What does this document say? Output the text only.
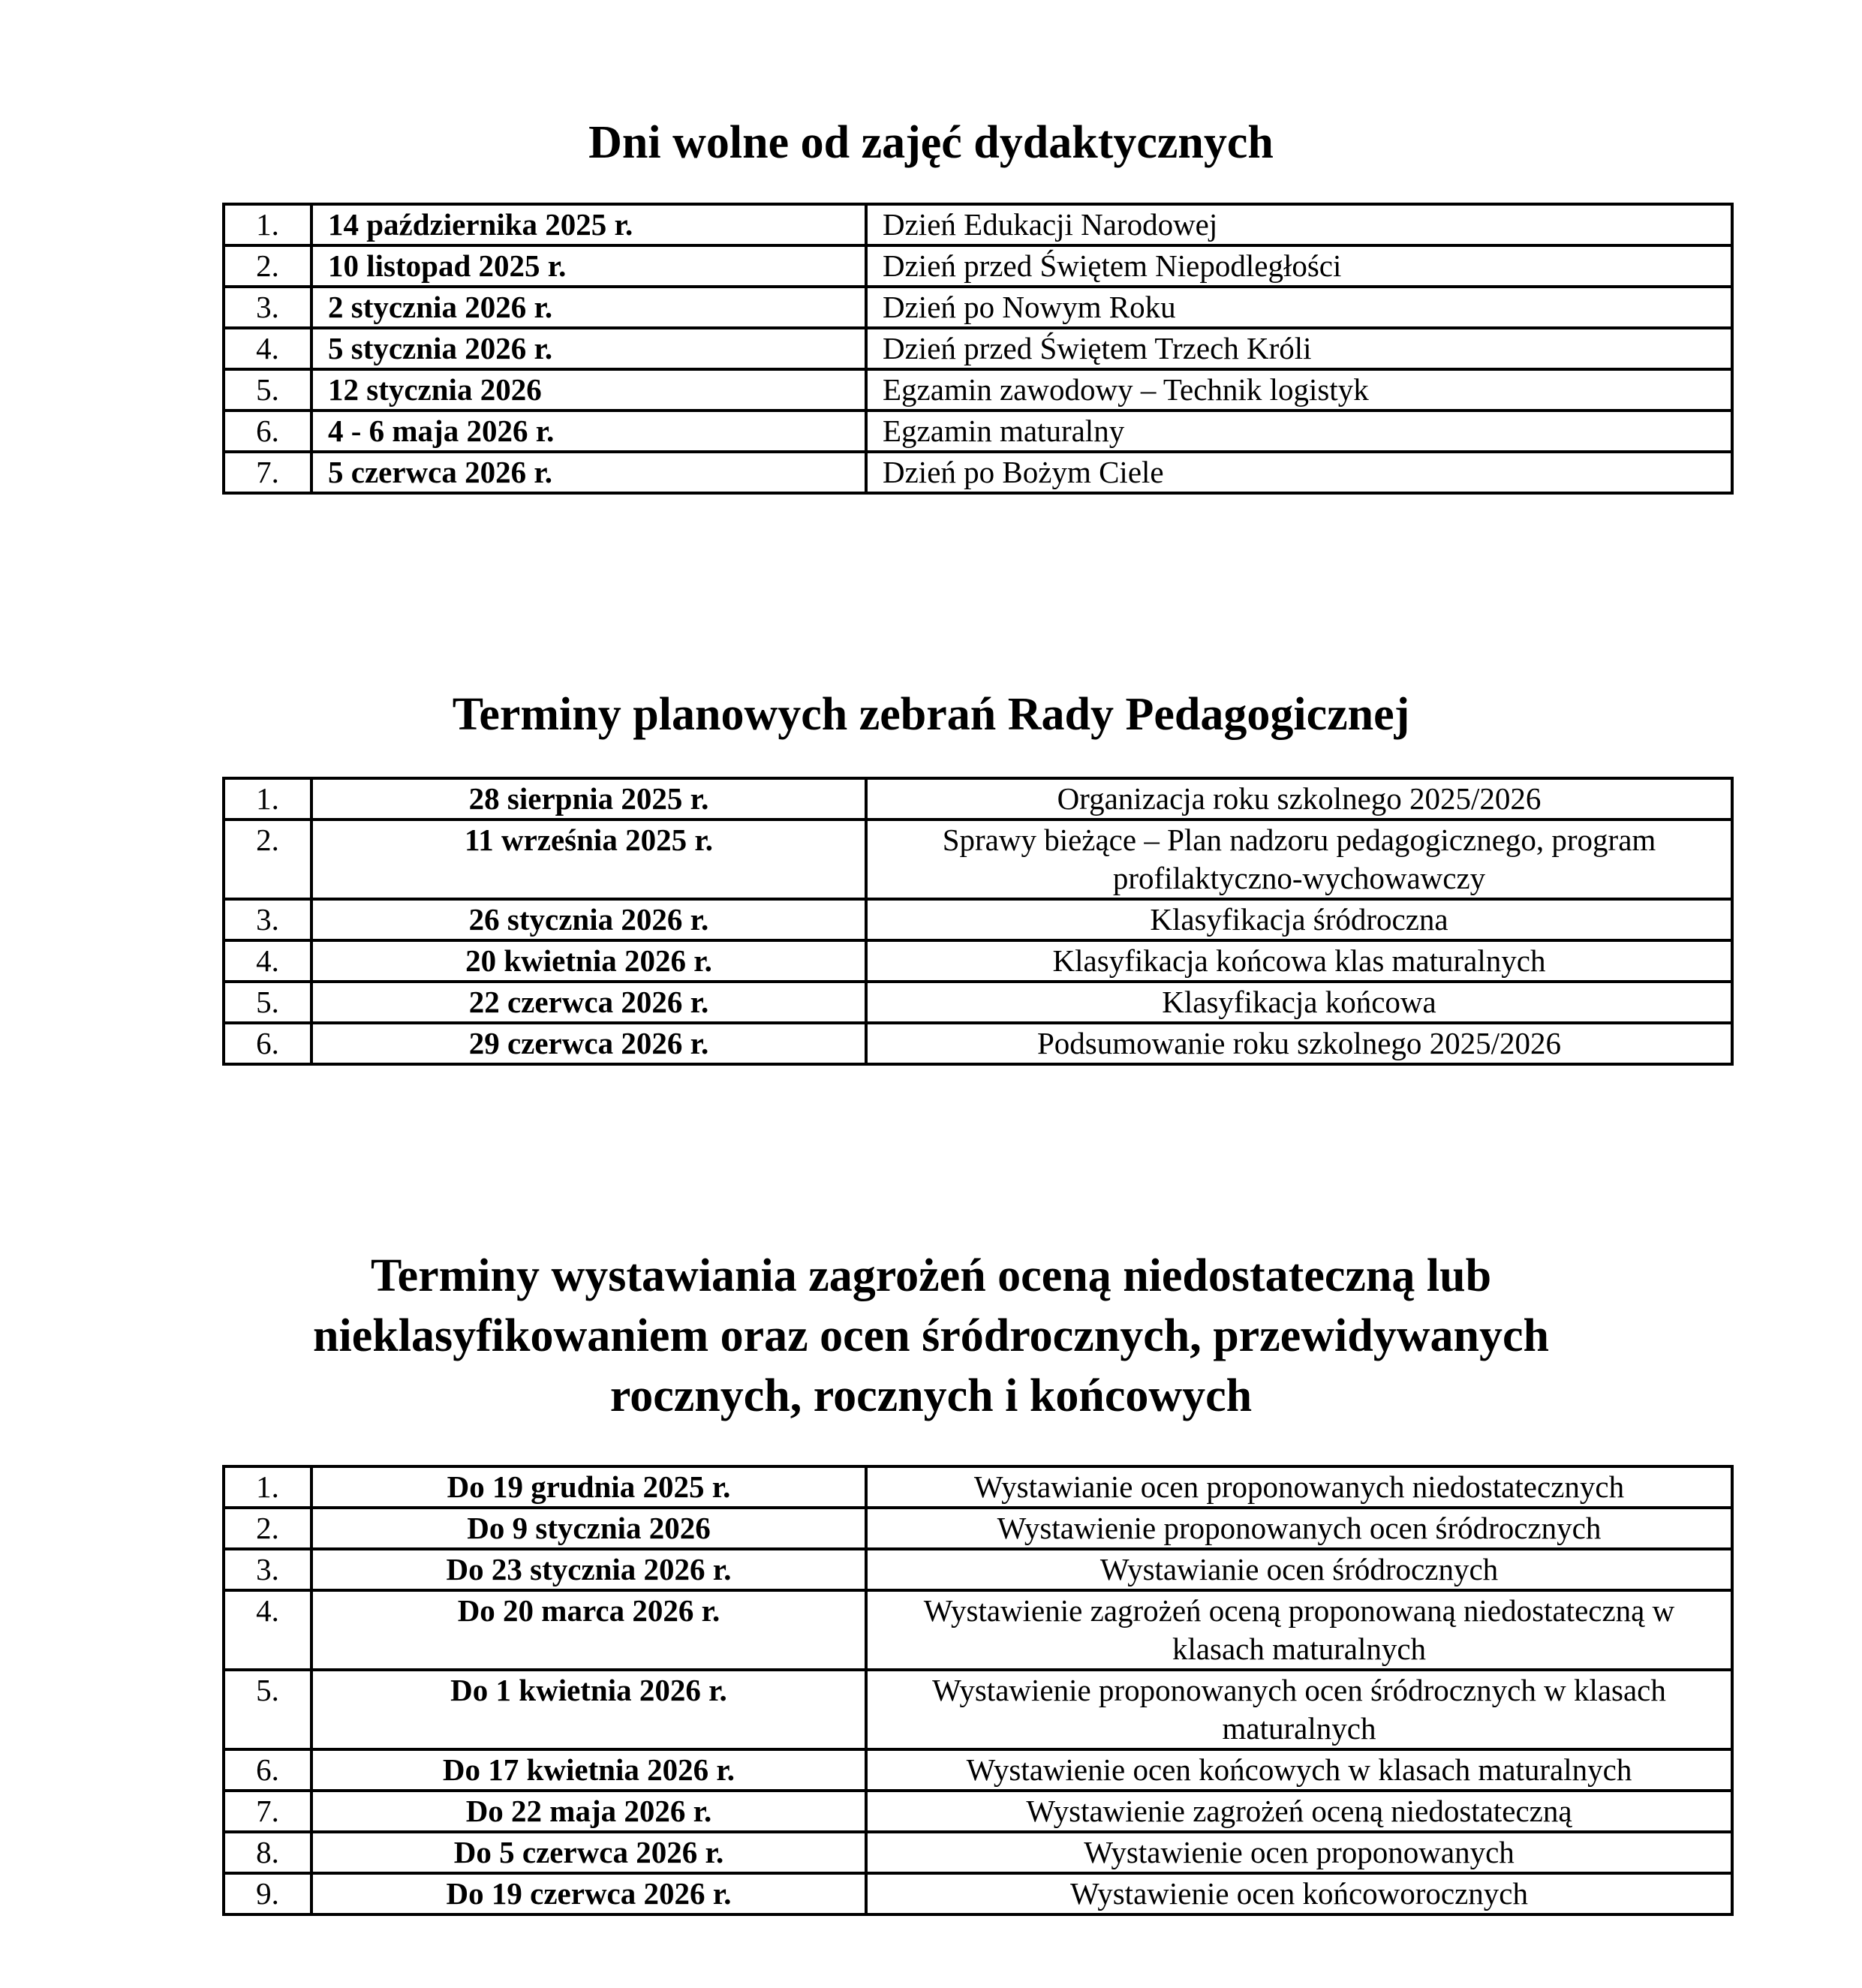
Dni wolne od zajęć dydaktycznych
1.	14 października 2025 r.	Dzień Edukacji Narodowej
2.	10 listopad 2025 r.	Dzień przed Świętem Niepodległości
3.	2 stycznia 2026 r.	Dzień po Nowym Roku
4.	5 stycznia 2026 r.	Dzień przed Świętem Trzech Króli
5.	12 stycznia 2026	Egzamin zawodowy – Technik logistyk
6.	4 - 6 maja 2026 r.	Egzamin maturalny
7.	5 czerwca 2026 r.	Dzień po Bożym Ciele
Terminy planowych zebrań Rady Pedagogicznej
1.	28 sierpnia 2025 r.	Organizacja roku szkolnego 2025/2026
2.	11 września 2025 r.	Sprawy bieżące – Plan nadzoru pedagogicznego, program profilaktyczno-wychowawczy
3.	26 stycznia 2026 r.	Klasyfikacja śródroczna
4.	20 kwietnia 2026 r.	Klasyfikacja końcowa klas maturalnych
5.	22 czerwca 2026 r.	Klasyfikacja końcowa
6.	29 czerwca 2026 r.	Podsumowanie roku szkolnego 2025/2026
Terminy wystawiania zagrożeń oceną niedostateczną lub
nieklasyfikowaniem oraz ocen śródrocznych, przewidywanych
rocznych, rocznych i końcowych
1.	Do 19 grudnia 2025 r.	Wystawianie ocen proponowanych niedostatecznych
2.	Do 9 stycznia 2026	Wystawienie proponowanych ocen śródrocznych
3.	Do 23 stycznia 2026 r.	Wystawianie ocen śródrocznych
4.	Do 20 marca 2026 r.	Wystawienie zagrożeń oceną proponowaną niedostateczną w klasach maturalnych
5.	Do 1 kwietnia 2026 r.	Wystawienie proponowanych ocen śródrocznych w klasach maturalnych
6.	Do 17 kwietnia 2026 r.	Wystawienie ocen końcowych w klasach maturalnych
7.	Do 22 maja 2026 r.	Wystawienie zagrożeń oceną niedostateczną
8.	Do 5 czerwca 2026 r.	Wystawienie ocen proponowanych
9.	Do 19 czerwca 2026 r.	Wystawienie ocen końcoworocznych
